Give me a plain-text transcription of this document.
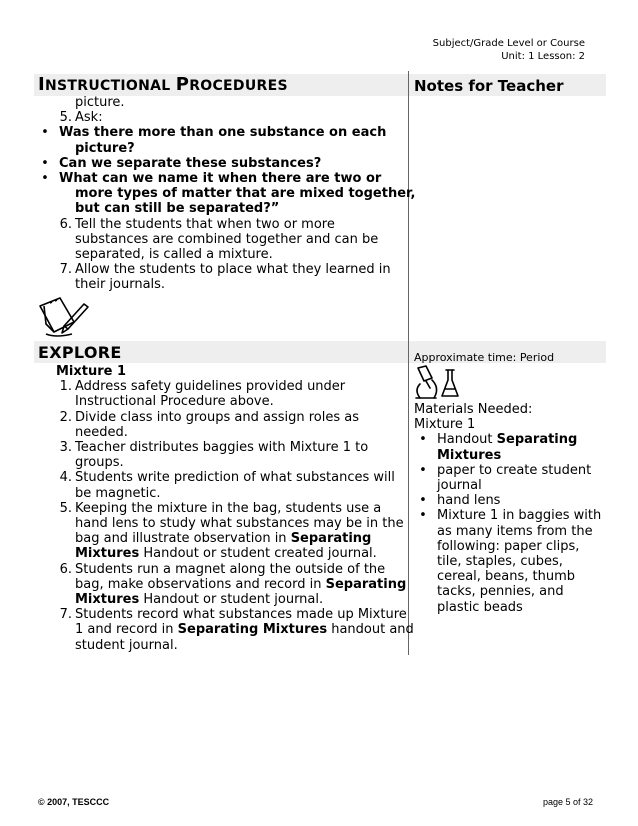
Subject/Grade Level or Course
Unit: 1 Lesson: 2
INSTRUCTIONAL PROCEDURES	Notes for Teacher
picture.
5. Ask:
• Was there more than one substance on each
picture?
• Can we separate these substances?
• What can we name it when there are two or
more types of matter that are mixed together,
but can still be separated?”
6. Tell the students that when two or more
substances are combined together and can be
separated, is called a mixture.
7. Allow the students to place what they learned in
their journals.
EXPLORE	Approximate time: Period
Mixture 1
1. Address safety guidelines provided under
Instructional Procedure above.
2. Divide class into groups and assign roles as
needed.
3. Teacher distributes baggies with Mixture 1 to
groups.
4. Students write prediction of what substances will
be magnetic.
5. Keeping the mixture in the bag, students use a
hand lens to study what substances may be in the
bag and illustrate observation in Separating
Mixtures Handout or student created journal.
6. Students run a magnet along the outside of the
bag, make observations and record in Separating
Mixtures Handout or student journal.
7. Students record what substances made up Mixture
1 and record in Separating Mixtures handout and
student journal.
Materials Needed:
Mixture 1
• Handout Separating
Mixtures
• paper to create student
journal
• hand lens
• Mixture 1 in baggies with
as many items from the
following: paper clips,
tile, staples, cubes,
cereal, beans, thumb
tacks, pennies, and
plastic beads
© 2007, TESCCC	page 5 of 32
